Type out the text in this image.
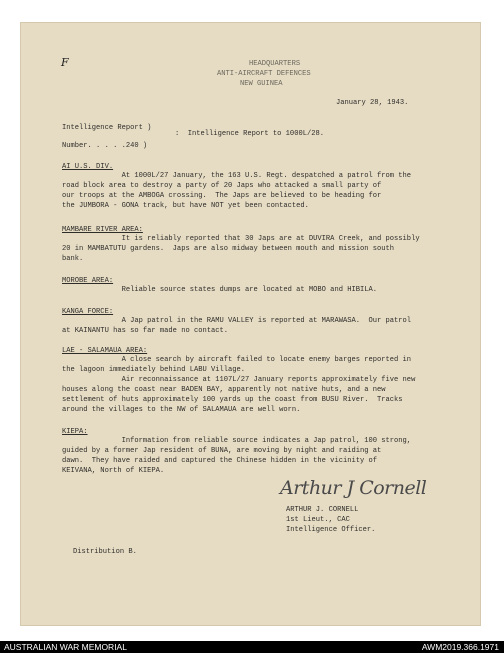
F	HEADQUARTERS
ANTI-AIRCRAFT DEFENCES
NEW GUINEA
January 28, 1943.
Intelligence Report )
:  Intelligence Report to 1000L/28.
Number. . . . .240 )
AI U.S. DIV.
At 1000L/27 January, the 163 U.S. Regt. despatched a patrol from the
road block area to destroy a party of 20 Japs who attacked a small party of
our troops at the AMBOGA crossing.  The Japs are believed to be heading for
the JUMBORA - GONA track, but have NOT yet been contacted.
MAMBARE RIVER AREA:
It is reliably reported that 30 Japs are at DUVIRA Creek, and possibly
20 in MAMBATUTU gardens.  Japs are also midway between mouth and mission south
bank.
MOROBE AREA:
Reliable source states dumps are located at MOBO and HIBILA.
KANGA FORCE:
A Jap patrol in the RAMU VALLEY is reported at MARAWASA.  Our patrol
at KAINANTU has so far made no contact.
LAE - SALAMAUA AREA:
A close search by aircraft failed to locate enemy barges reported in
the lagoon immediately behind LABU Village.
Air reconnaissance at 1107L/27 January reports approximately five new
houses along the coast near BADEN BAY, apparently not native huts, and a new
settlement of huts approximately 100 yards up the coast from BUSU River.  Tracks
around the villages to the NW of SALAMAUA are well worn.
KIEPA:
Information from reliable source indicates a Jap patrol, 100 strong,
guided by a former Jap resident of BUNA, are moving by night and raiding at
dawn.  They have raided and captured the Chinese hidden in the vicinity of
KEIVANA, North of KIEPA.
Arthur J Cornell
ARTHUR J. CORNELL
1st Lieut., CAC
Intelligence Officer.
Distribution B.
AUSTRALIAN WAR MEMORIAL	AWM2019.366.1971
